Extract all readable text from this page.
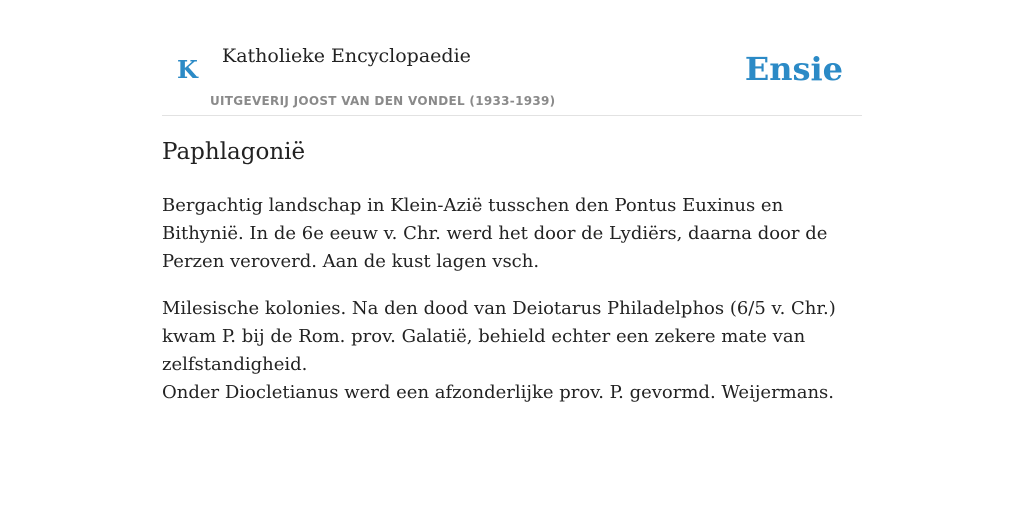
K Katholieke Encyclopaedie
UITGEVERIJ JOOST VAN DEN VONDEL (1933-1939)
Ensie
Paphlagonië

Bergachtig landschap in Klein-Azië tusschen den Pontus Euxinus en Bithynië. In de 6e eeuw v. Chr. werd het door de Lydiërs, daarna door de Perzen veroverd. Aan de kust lagen vsch.

Milesische kolonies. Na den dood van Deiotarus Philadelphos (6/5 v. Chr.) kwam P. bij de Rom. prov. Galatië, behield echter een zekere mate van zelfstandigheid.

Onder Diocletianus werd een afzonderlijke prov. P. gevormd. Weijermans.
